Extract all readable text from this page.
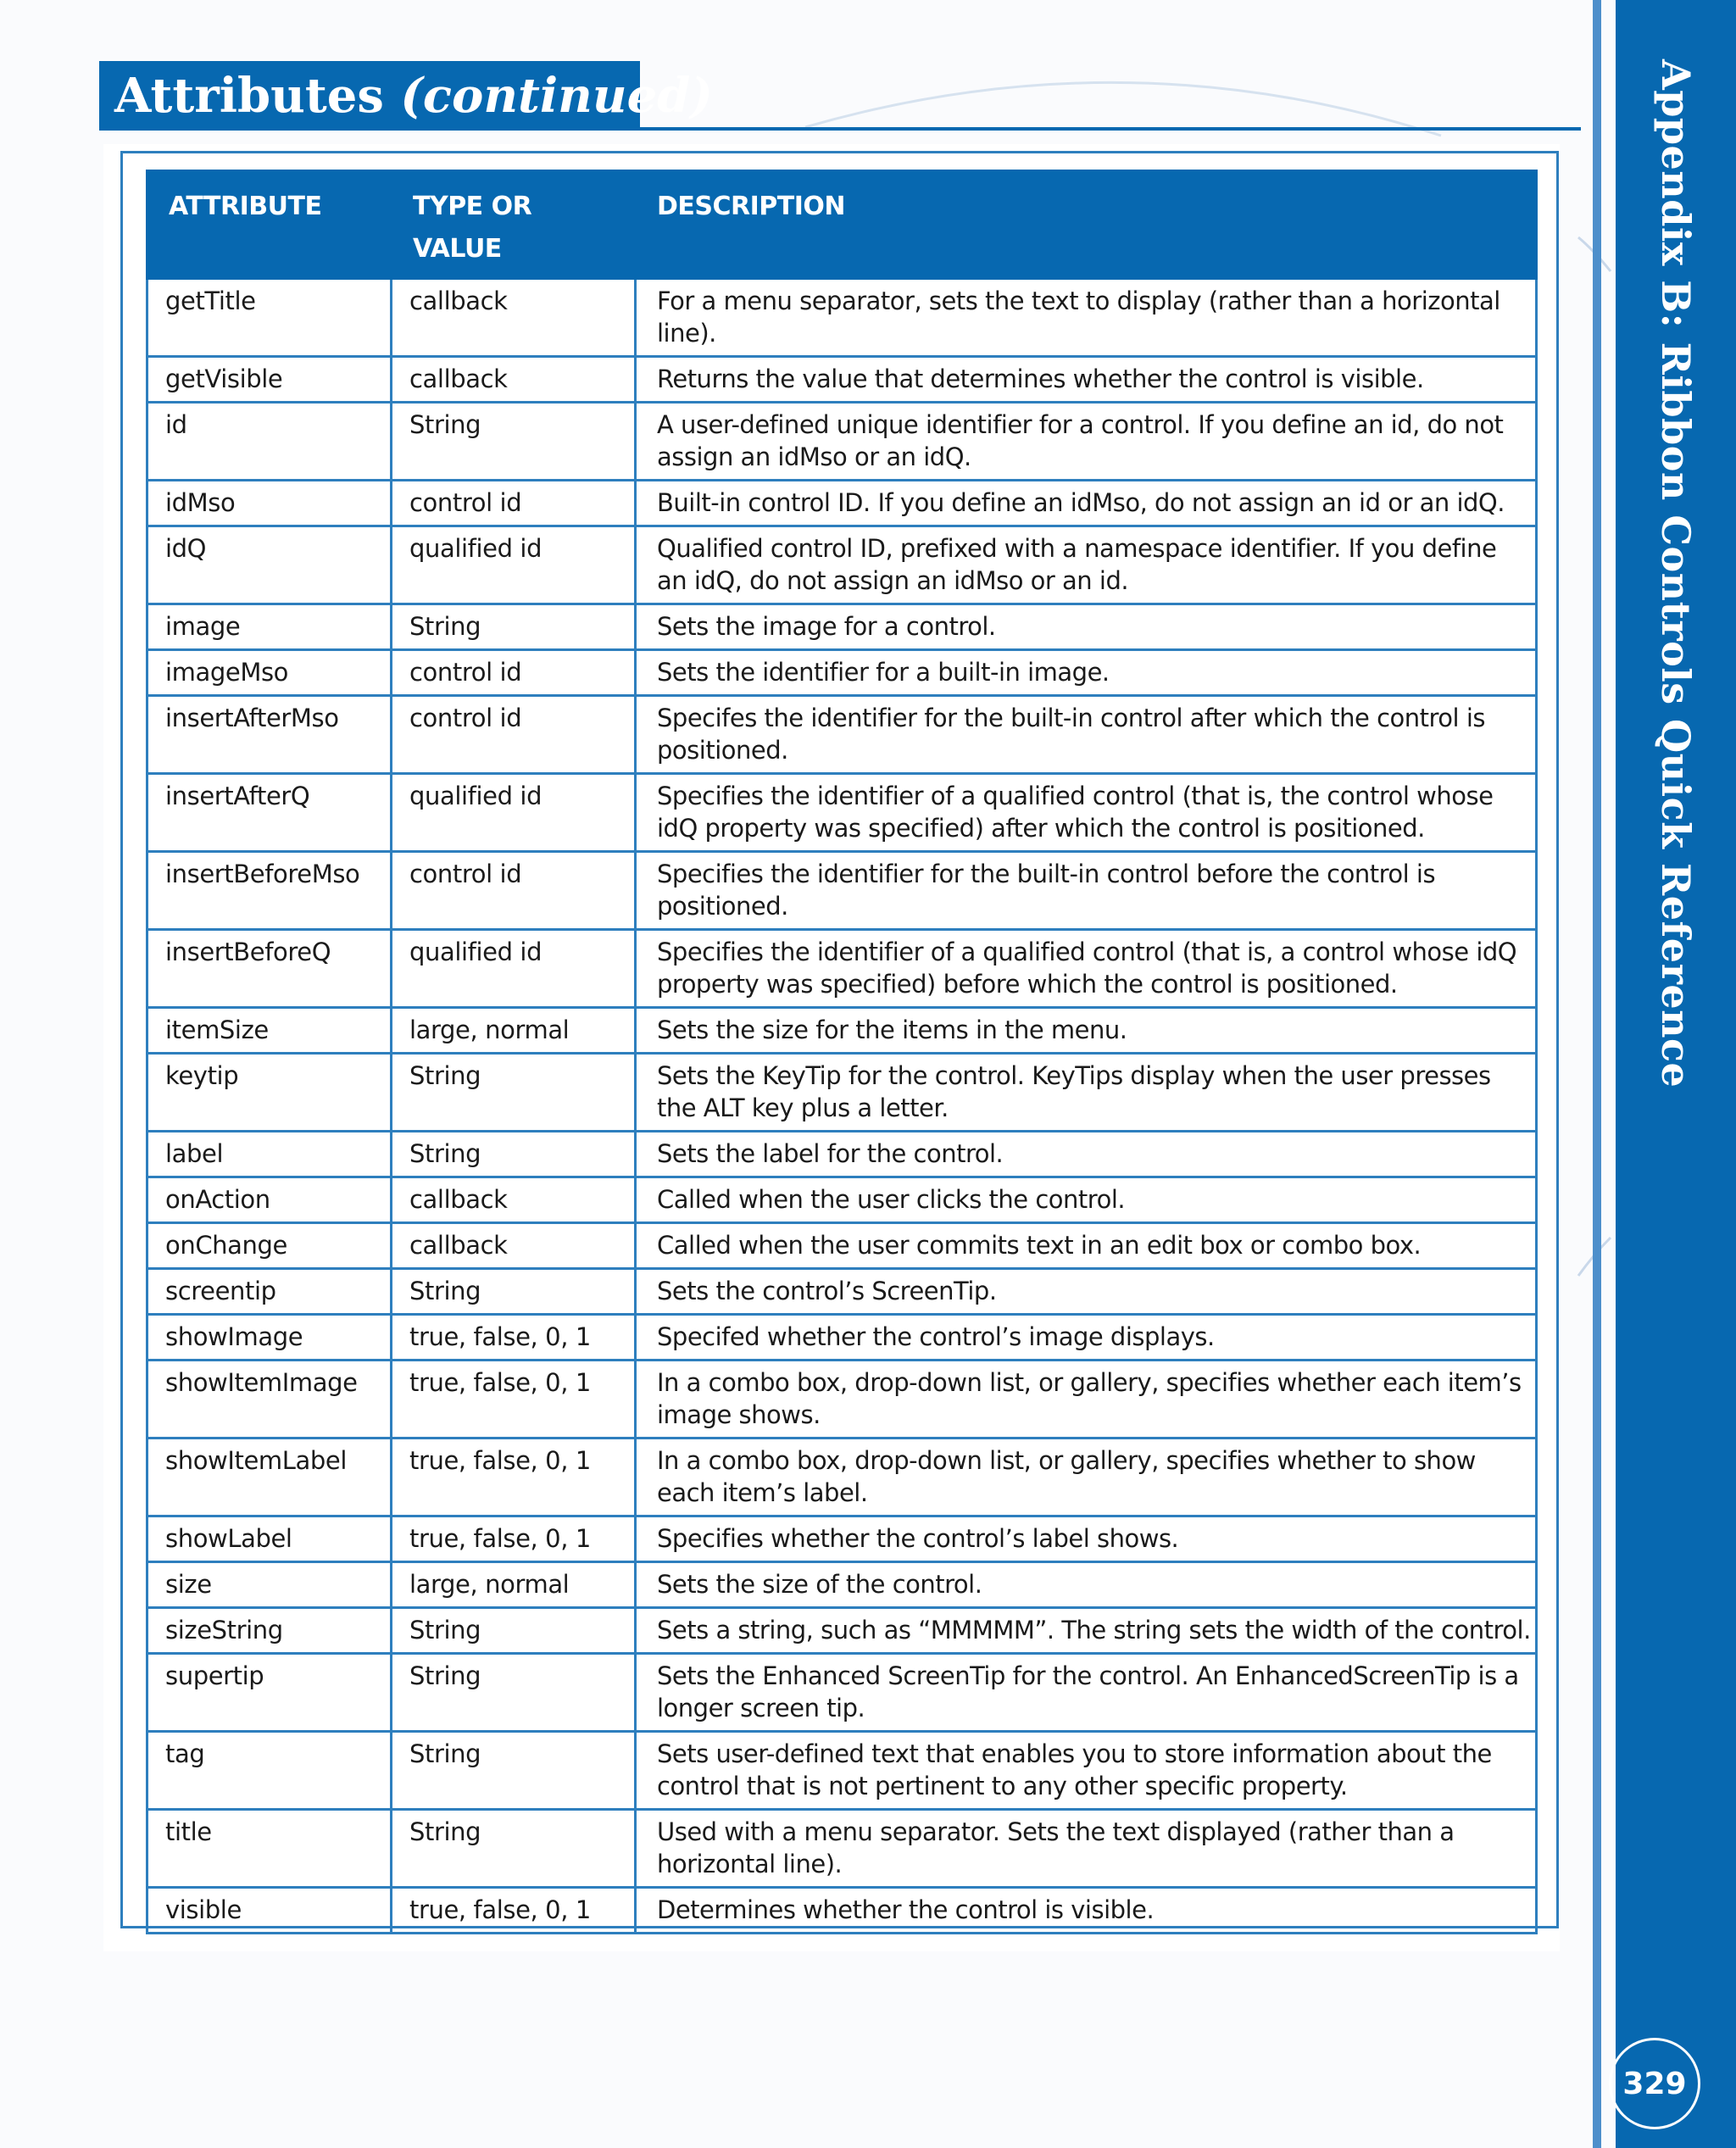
Attributes (continued)
ATTRIBUTE	TYPE OR VALUE	DESCRIPTION
getTitle	callback	For a menu separator, sets the text to display (rather than a horizontal line).
getVisible	callback	Returns the value that determines whether the control is visible.
id	String	A user-defined unique identifier for a control. If you define an id, do not assign an idMso or an idQ.
idMso	control id	Built-in control ID. If you define an idMso, do not assign an id or an idQ.
idQ	qualified id	Qualified control ID, prefixed with a namespace identifier. If you define an idQ, do not assign an idMso or an id.
image	String	Sets the image for a control.
imageMso	control id	Sets the identifier for a built-in image.
insertAfterMso	control id	Specifes the identifier for the built-in control after which the control is positioned.
insertAfterQ	qualified id	Specifies the identifier of a qualified control (that is, the control whose idQ property was specified) after which the control is positioned.
insertBeforeMso	control id	Specifies the identifier for the built-in control before the control is positioned.
insertBeforeQ	qualified id	Specifies the identifier of a qualified control (that is, a control whose idQ property was specified) before which the control is positioned.
itemSize	large, normal	Sets the size for the items in the menu.
keytip	String	Sets the KeyTip for the control. KeyTips display when the user presses the ALT key plus a letter.
label	String	Sets the label for the control.
onAction	callback	Called when the user clicks the control.
onChange	callback	Called when the user commits text in an edit box or combo box.
screentip	String	Sets the control’s ScreenTip.
showImage	true, false, 0, 1	Specifed whether the control’s image displays.
showItemImage	true, false, 0, 1	In a combo box, drop-down list, or gallery, specifies whether each item’s image shows.
showItemLabel	true, false, 0, 1	In a combo box, drop-down list, or gallery, specifies whether to show each item’s label.
showLabel	true, false, 0, 1	Specifies whether the control’s label shows.
size	large, normal	Sets the size of the control.
sizeString	String	Sets a string, such as “MMMMM”. The string sets the width of the control.
supertip	String	Sets the Enhanced ScreenTip for the control. An EnhancedScreenTip is a longer screen tip.
tag	String	Sets user-defined text that enables you to store information about the control that is not pertinent to any other specific property.
title	String	Used with a menu separator. Sets the text displayed (rather than a horizontal line).
visible	true, false, 0, 1	Determines whether the control is visible.
Appendix B: Ribbon Controls Quick Reference
329
